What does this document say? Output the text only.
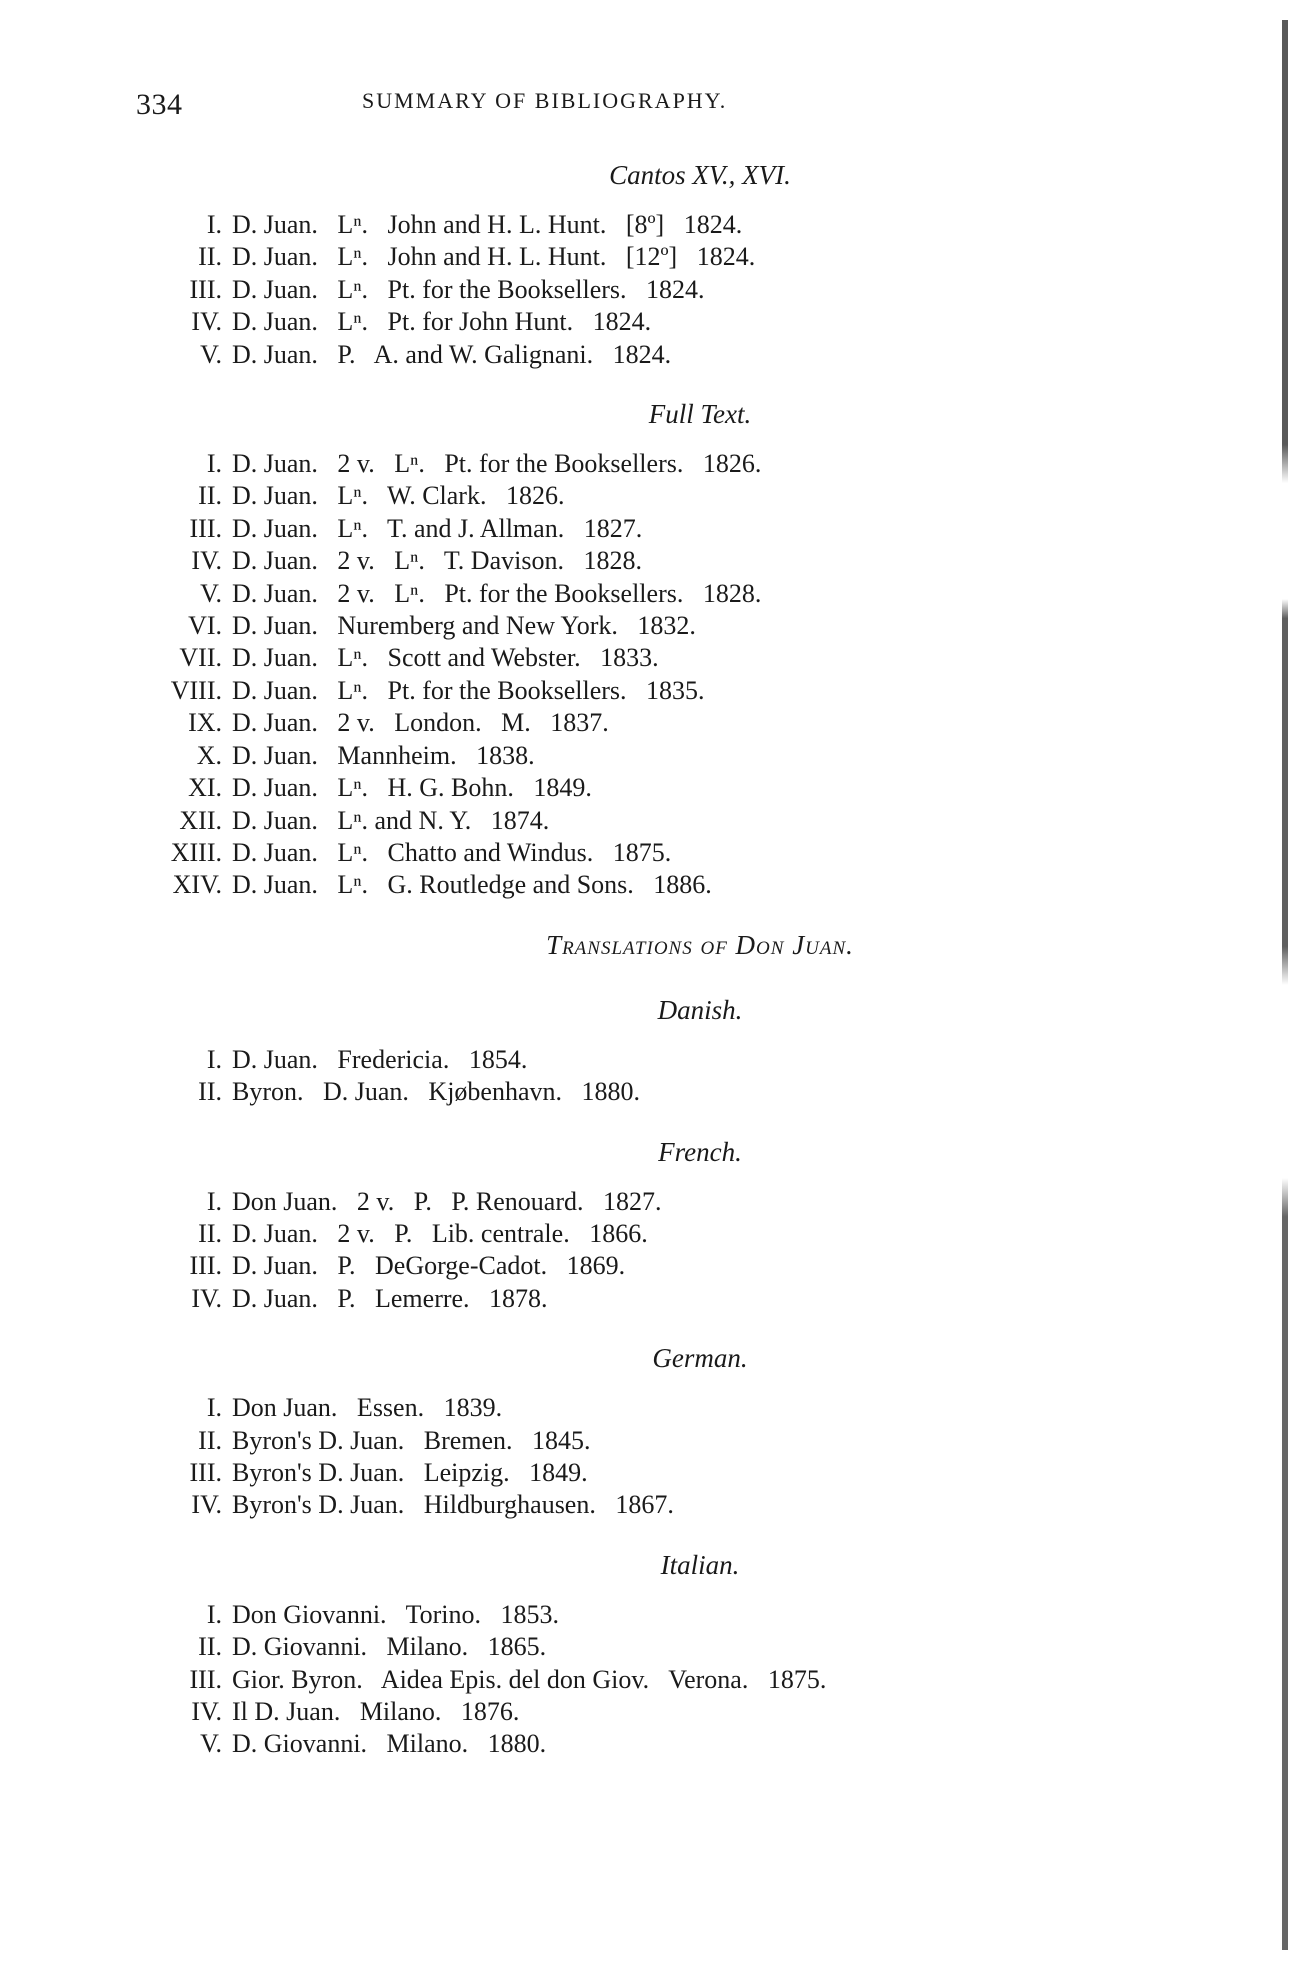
334	SUMMARY OF BIBLIOGRAPHY.
Cantos XV., XVI.
I. D. Juan.   Lⁿ.   John and H. L. Hunt.   [8º]   1824.
II. D. Juan.   Lⁿ.   John and H. L. Hunt.   [12º]   1824.
III. D. Juan.   Lⁿ.   Pt. for the Booksellers.   1824.
IV. D. Juan.   Lⁿ.   Pt. for John Hunt.   1824.
V. D. Juan.   P.   A. and W. Galignani.   1824.
Full Text.
I. D. Juan.   2 v.   Lⁿ.   Pt. for the Booksellers.   1826.
II. D. Juan.   Lⁿ.   W. Clark.   1826.
III. D. Juan.   Lⁿ.   T. and J. Allman.   1827.
IV. D. Juan.   2 v.   Lⁿ.   T. Davison.   1828.
V. D. Juan.   2 v.   Lⁿ.   Pt. for the Booksellers.   1828.
VI. D. Juan.   Nuremberg and New York.   1832.
VII. D. Juan.   Lⁿ.   Scott and Webster.   1833.
VIII. D. Juan.   Lⁿ.   Pt. for the Booksellers.   1835.
IX. D. Juan.   2 v.   London.   M.   1837.
X. D. Juan.   Mannheim.   1838.
XI. D. Juan.   Lⁿ.   H. G. Bohn.   1849.
XII. D. Juan.   Lⁿ. and N. Y.   1874.
XIII. D. Juan.   Lⁿ.   Chatto and Windus.   1875.
XIV. D. Juan.   Lⁿ.   G. Routledge and Sons.   1886.
Translations of Don Juan.
Danish.
I. D. Juan.   Fredericia.   1854.
II. Byron.   D. Juan.   Kjøbenhavn.   1880.
French.
I. Don Juan.   2 v.   P.   P. Renouard.   1827.
II. D. Juan.   2 v.   P.   Lib. centrale.   1866.
III. D. Juan.   P.   DeGorge-Cadot.   1869.
IV. D. Juan.   P.   Lemerre.   1878.
German.
I. Don Juan.   Essen.   1839.
II. Byron's D. Juan.   Bremen.   1845.
III. Byron's D. Juan.   Leipzig.   1849.
IV. Byron's D. Juan.   Hildburghausen.   1867.
Italian.
I. Don Giovanni.   Torino.   1853.
II. D. Giovanni.   Milano.   1865.
III. Gior. Byron.   Aidea Epis. del don Giov.   Verona.   1875.
IV. Il D. Juan.   Milano.   1876.
V. D. Giovanni.   Milano.   1880.
